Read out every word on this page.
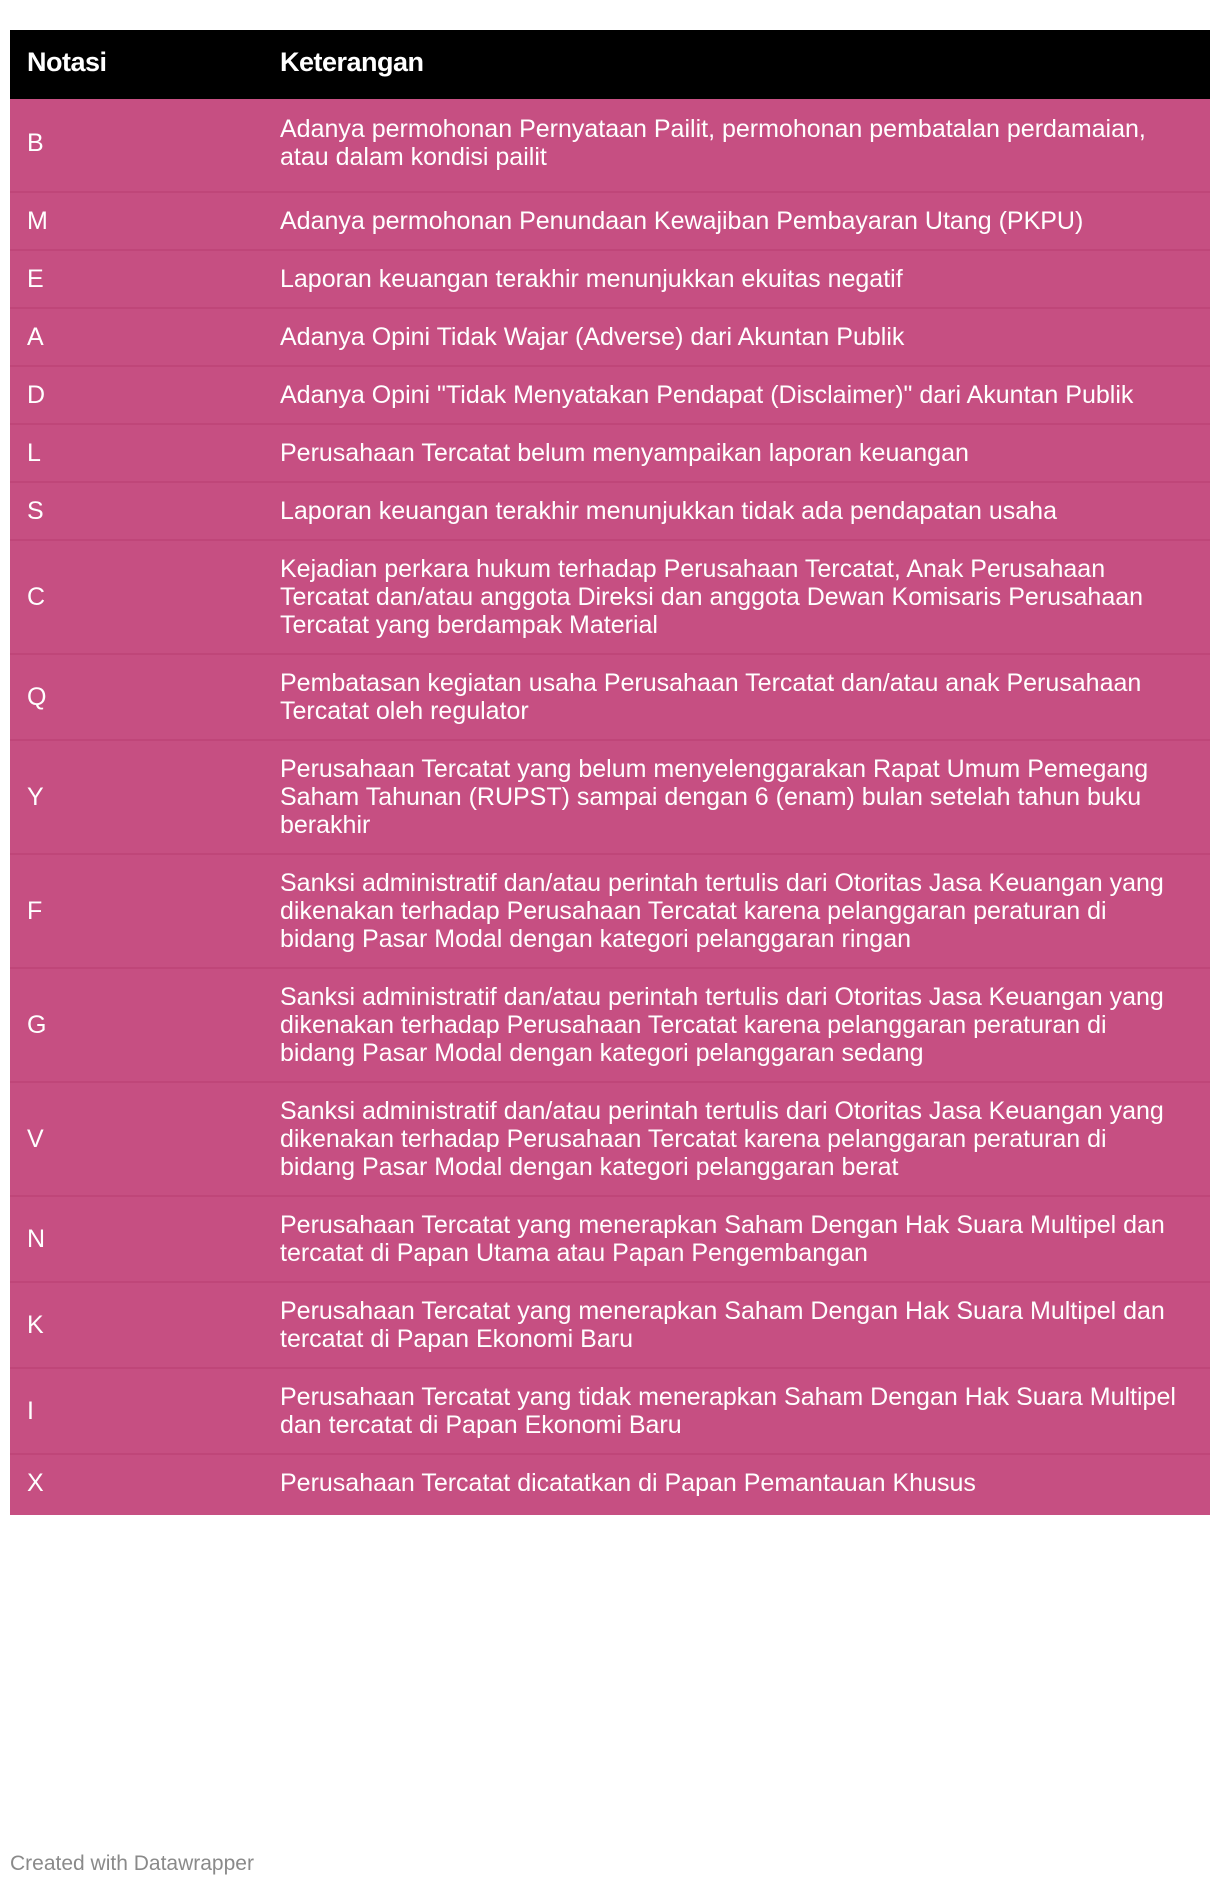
Notasi	Keterangan
B	Adanya permohonan Pernyataan Pailit, permohonan pembatalan perdamaian, atau dalam kondisi pailit
M	Adanya permohonan Penundaan Kewajiban Pembayaran Utang (PKPU)
E	Laporan keuangan terakhir menunjukkan ekuitas negatif
A	Adanya Opini Tidak Wajar (Adverse) dari Akuntan Publik
D	Adanya Opini "Tidak Menyatakan Pendapat (Disclaimer)" dari Akuntan Publik
L	Perusahaan Tercatat belum menyampaikan laporan keuangan
S	Laporan keuangan terakhir menunjukkan tidak ada pendapatan usaha
C	Kejadian perkara hukum terhadap Perusahaan Tercatat, Anak Perusahaan Tercatat dan/atau anggota Direksi dan anggota Dewan Komisaris Perusahaan Tercatat yang berdampak Material
Q	Pembatasan kegiatan usaha Perusahaan Tercatat dan/atau anak Perusahaan Tercatat oleh regulator
Y	Perusahaan Tercatat yang belum menyelenggarakan Rapat Umum Pemegang Saham Tahunan (RUPST) sampai dengan 6 (enam) bulan setelah tahun buku berakhir
F	Sanksi administratif dan/atau perintah tertulis dari Otoritas Jasa Keuangan yang dikenakan terhadap Perusahaan Tercatat karena pelanggaran peraturan di bidang Pasar Modal dengan kategori pelanggaran ringan
G	Sanksi administratif dan/atau perintah tertulis dari Otoritas Jasa Keuangan yang dikenakan terhadap Perusahaan Tercatat karena pelanggaran peraturan di bidang Pasar Modal dengan kategori pelanggaran sedang
V	Sanksi administratif dan/atau perintah tertulis dari Otoritas Jasa Keuangan yang dikenakan terhadap Perusahaan Tercatat karena pelanggaran peraturan di bidang Pasar Modal dengan kategori pelanggaran berat
N	Perusahaan Tercatat yang menerapkan Saham Dengan Hak Suara Multipel dan tercatat di Papan Utama atau Papan Pengembangan
K	Perusahaan Tercatat yang menerapkan Saham Dengan Hak Suara Multipel dan tercatat di Papan Ekonomi Baru
I	Perusahaan Tercatat yang tidak menerapkan Saham Dengan Hak Suara Multipel dan tercatat di Papan Ekonomi Baru
X	Perusahaan Tercatat dicatatkan di Papan Pemantauan Khusus
Created with Datawrapper
